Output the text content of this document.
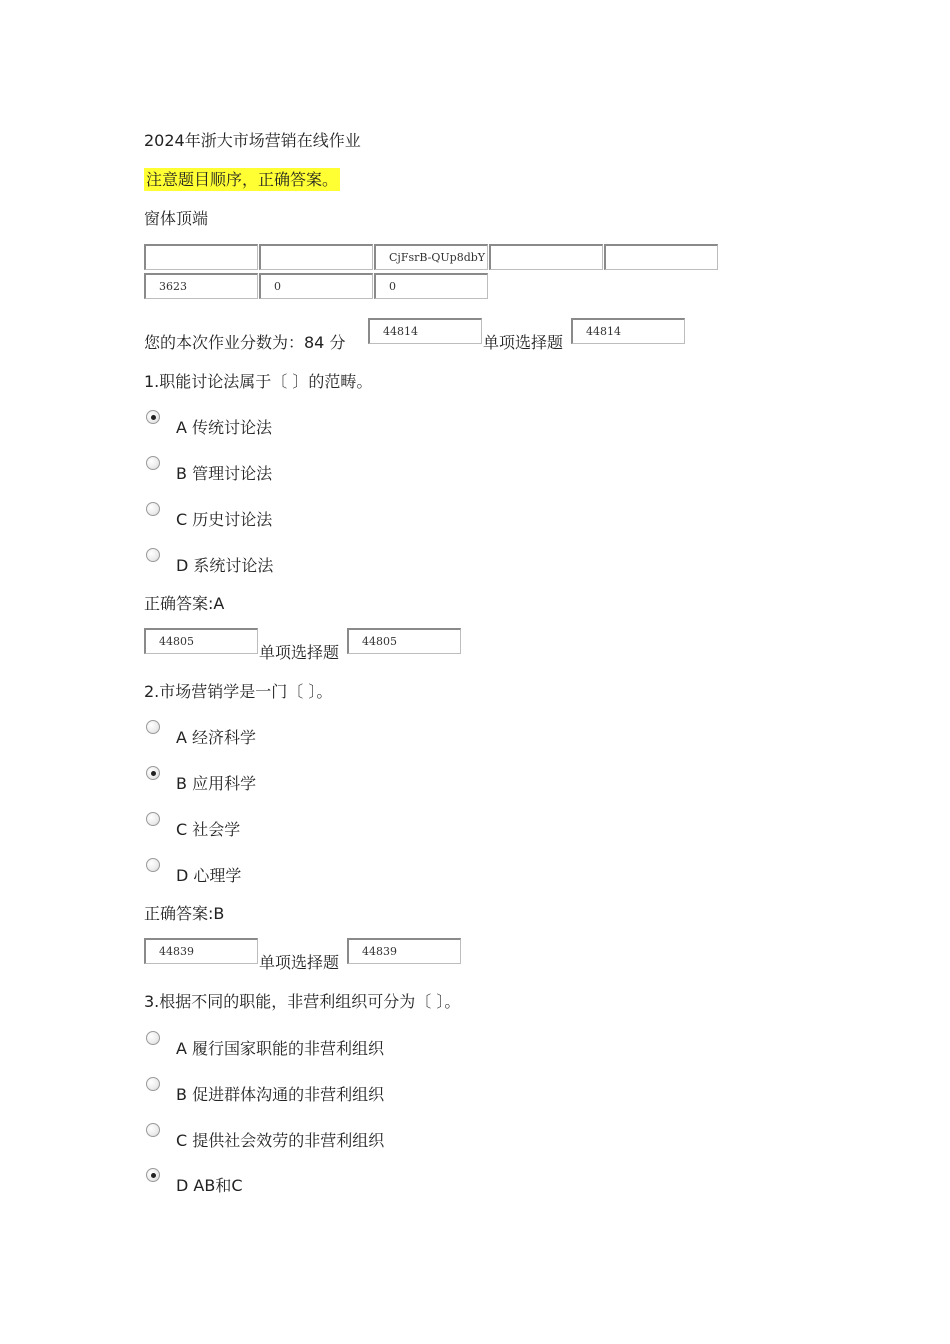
2024年浙大市场营销在线作业
注意题目顺序，正确答案。
窗体顶端
CjFsrB-QUp8dbY
3623	0	0
您的本次作业分数为：84 分
44814
单项选择题
44814
1.职能讨论法属于〔 〕的范畴。
A 传统讨论法
B 管理讨论法
C 历史讨论法
D 系统讨论法
正确答案:A
44805
单项选择题
44805
2.市场营销学是一门〔 〕。
A 经济科学
B 应用科学
C 社会学
D 心理学
正确答案:B
44839
单项选择题
44839
3.根据不同的职能，非营利组织可分为〔 〕。
A 履行国家职能的非营利组织
B 促进群体沟通的非营利组织
C 提供社会效劳的非营利组织
D AB和C
